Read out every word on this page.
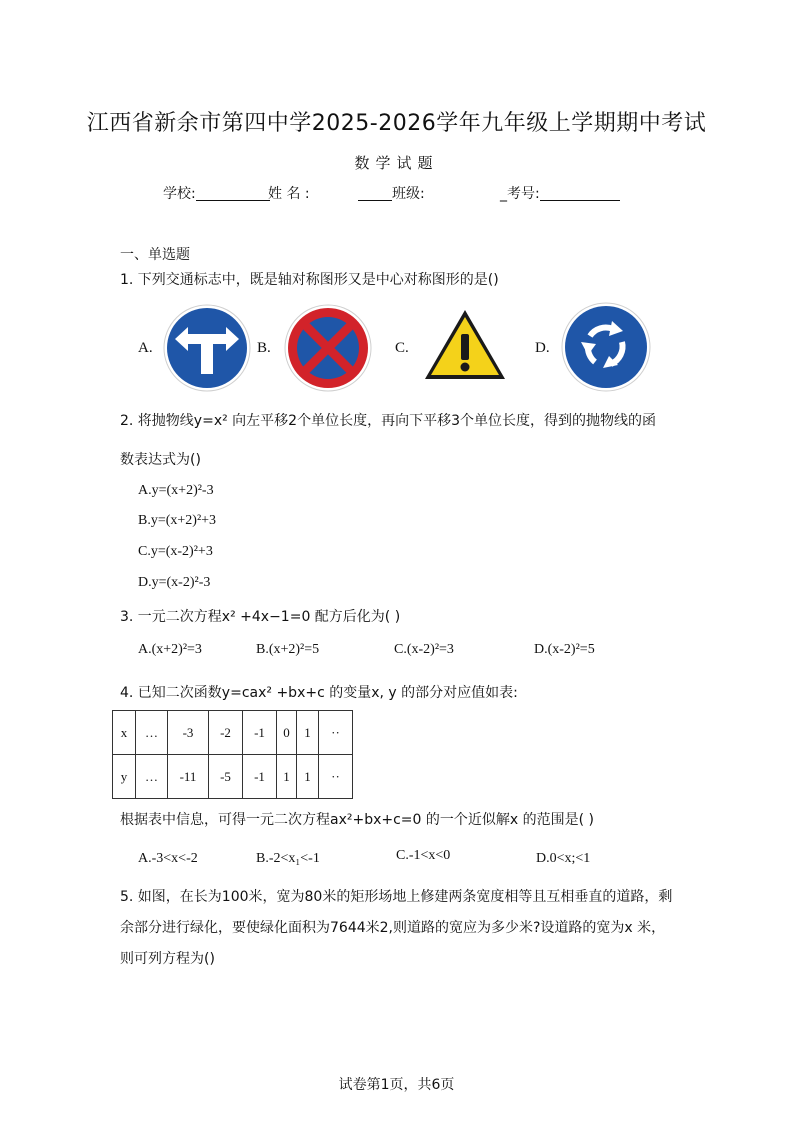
江西省新余市第四中学2025-2026学年九年级上学期期中考试
数学试题
学校:	姓 名 :	班级:	_考号:
一、单选题
1. 下列交通标志中，既是轴对称图形又是中心对称图形的是()
A.	B.	C.	D.
2. 将抛物线y=x² 向左平移2个单位长度，再向下平移3个单位长度，得到的抛物线的函
数表达式为()
A.y=(x+2)²-3
B.y=(x+2)²+3
C.y=(x-2)²+3
D.y=(x-2)²-3
3. 一元二次方程x² +4x−1=0 配方后化为( )
A.(x+2)²=3	B.(x+2)²=5	C.(x-2)²=3	D.(x-2)²=5
4. 已知二次函数y=cax² +bx+c 的变量x, y 的部分对应值如表:
x	…	-3	-2	-1	0	1	··
y	…	-11	-5	-1	1	1	··
根据表中信息，可得一元二次方程ax²+bx+c=0 的一个近似解x 的范围是( )
A.-3<x<-2	B.-2<x₁<-1	C.-1<x<0	D.0<x;<1
5. 如图，在长为100米，宽为80米的矩形场地上修建两条宽度相等且互相垂直的道路，剩
余部分进行绿化，要使绿化面积为7644米2,则道路的宽应为多少米?设道路的宽为x 米，
则可列方程为()
试卷第1页，共6页
